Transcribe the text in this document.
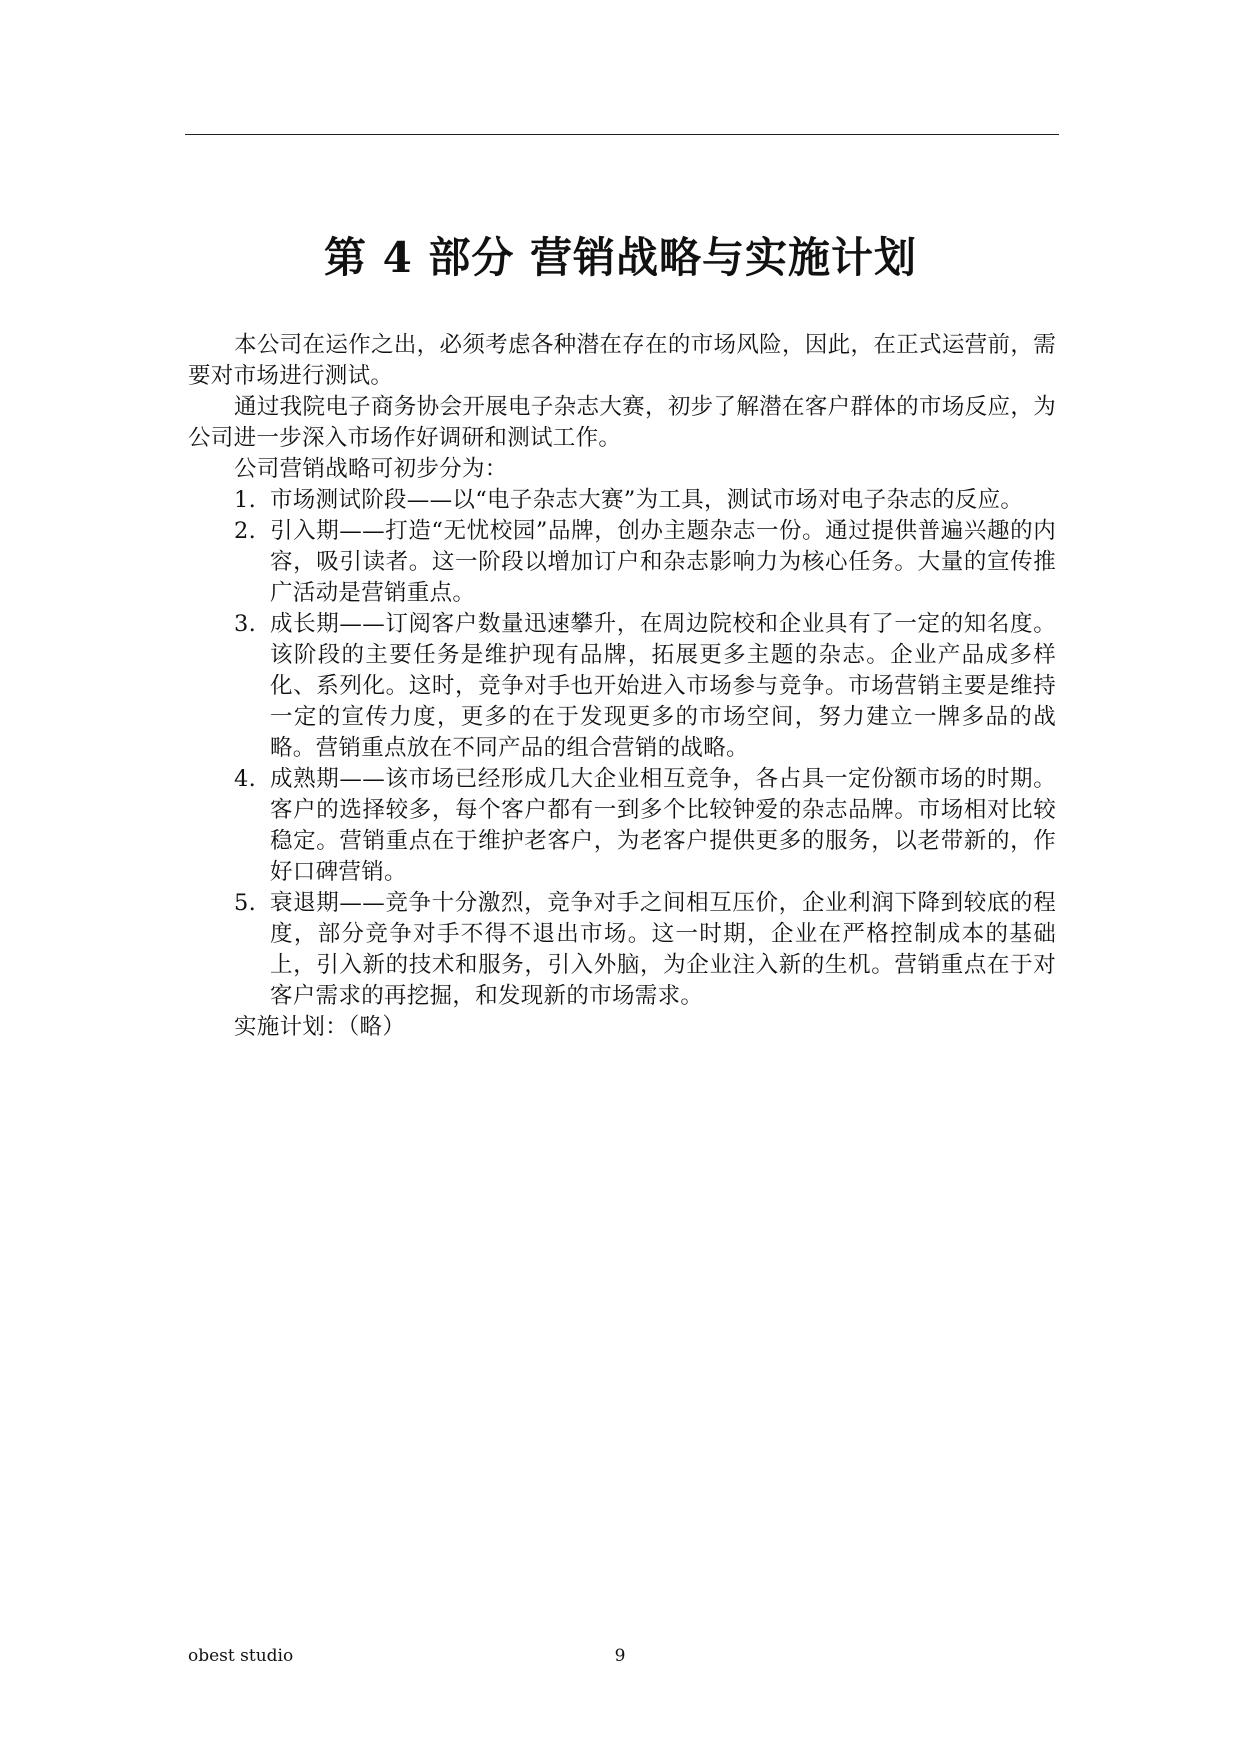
第 4 部分 营销战略与实施计划

本公司在运作之出，必须考虑各种潜在存在的市场风险，因此，在正式运营前，需要对市场进行测试。

通过我院电子商务协会开展电子杂志大赛，初步了解潜在客户群体的市场反应，为公司进一步深入市场作好调研和测试工作。

公司营销战略可初步分为：

1. 市场测试阶段——以“电子杂志大赛”为工具，测试市场对电子杂志的反应。
2. 引入期——打造“无忧校园”品牌，创办主题杂志一份。通过提供普遍兴趣的内容，吸引读者。这一阶段以增加订户和杂志影响力为核心任务。大量的宣传推广活动是营销重点。
3. 成长期——订阅客户数量迅速攀升，在周边院校和企业具有了一定的知名度。该阶段的主要任务是维护现有品牌，拓展更多主题的杂志。企业产品成多样化、系列化。这时，竞争对手也开始进入市场参与竞争。市场营销主要是维持一定的宣传力度，更多的在于发现更多的市场空间，努力建立一牌多品的战略。营销重点放在不同产品的组合营销的战略。
4. 成熟期——该市场已经形成几大企业相互竞争，各占具一定份额市场的时期。客户的选择较多，每个客户都有一到多个比较钟爱的杂志品牌。市场相对比较稳定。营销重点在于维护老客户，为老客户提供更多的服务，以老带新的，作好口碑营销。
5. 衰退期——竞争十分激烈，竞争对手之间相互压价，企业利润下降到较底的程度，部分竞争对手不得不退出市场。这一时期，企业在严格控制成本的基础上，引入新的技术和服务，引入外脑，为企业注入新的生机。营销重点在于对客户需求的再挖掘，和发现新的市场需求。

实施计划：（略）

obest studio	9
